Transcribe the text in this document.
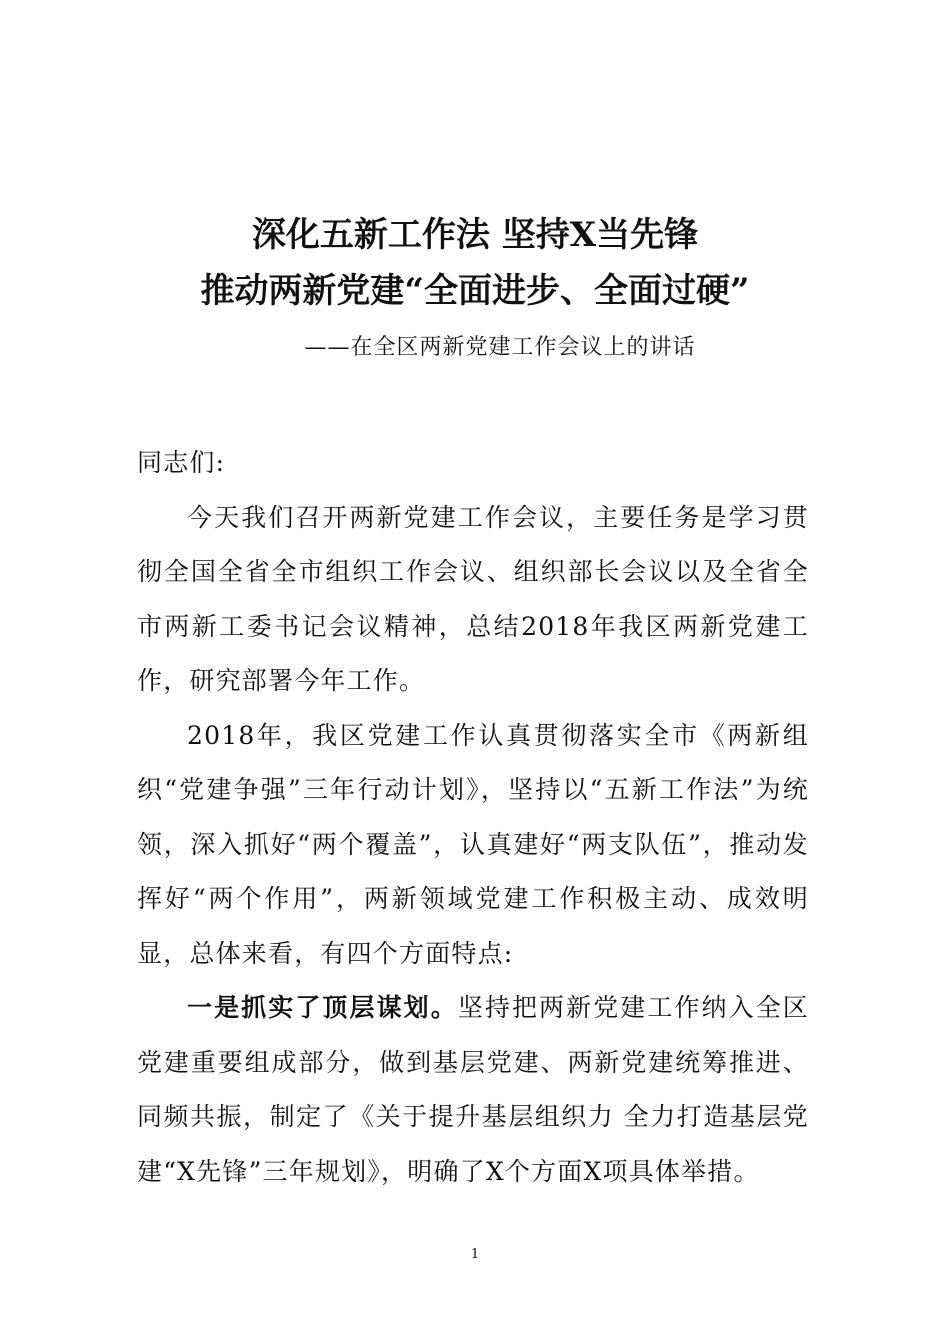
深化五新工作法 坚持X当先锋
推动两新党建“全面进步、全面过硬”
——在全区两新党建工作会议上的讲话

同志们:

今天我们召开两新党建工作会议，主要任务是学习贯彻全国全省全市组织工作会议、组织部长会议以及全省全市两新工委书记会议精神，总结2018年我区两新党建工作，研究部署今年工作。

2018年，我区党建工作认真贯彻落实全市《两新组织“党建争强”三年行动计划》，坚持以“五新工作法”为统领，深入抓好“两个覆盖”，认真建好“两支队伍”，推动发挥好“两个作用”，两新领域党建工作积极主动、成效明显，总体来看，有四个方面特点:

一是抓实了顶层谋划。坚持把两新党建工作纳入全区党建重要组成部分，做到基层党建、两新党建统筹推进、同频共振，制定了《关于提升基层组织力 全力打造基层党建“X先锋”三年规划》，明确了X个方面X项具体举措。

1
